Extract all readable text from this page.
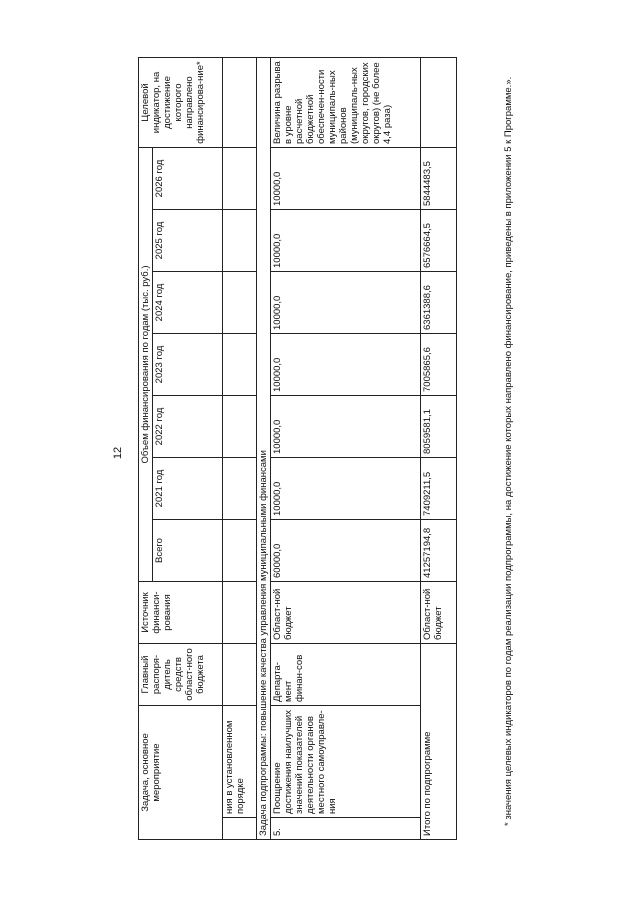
12
Задача, основное мероприятие		Главный распоря-дитель средств област-ного бюджета	Источник финанси-рования	Объем финансирования по годам (тыс. руб.)							Целевой индикатор, на достижение которого направлено финансирова-ние*
				Всего	2021 год	2022 год	2023 год	2024 год	2025 год	2026 год	
	ния в установленном порядке										
Задача подпрограммы: повышение качества управления муниципальными финансами											
5.	Поощрение достижения наилучших значений показателей деятельности органов местного самоуправле-ния	Департа-мент финан-сов	Област-ной бюджет	60000,0	10000,0	10000,0	10000,0	10000,0	10000,0	10000,0	Величина разрыва в уровне расчетной бюджетной обеспечен-ности муниципаль-ных районов (муниципаль-ных округов, городских округов) (не более 4,4 раза)
Итого по подпрограмме			Област-ной бюджет	41257194,8	7409211,5	8059581,1	7005865,6	6361388,6	6576664,5	5844483,5		* значения целевых индикаторов по годам реализации подпрограммы, на достижение которых направлено финансирование, приведены в приложении 5 к Программе.».
